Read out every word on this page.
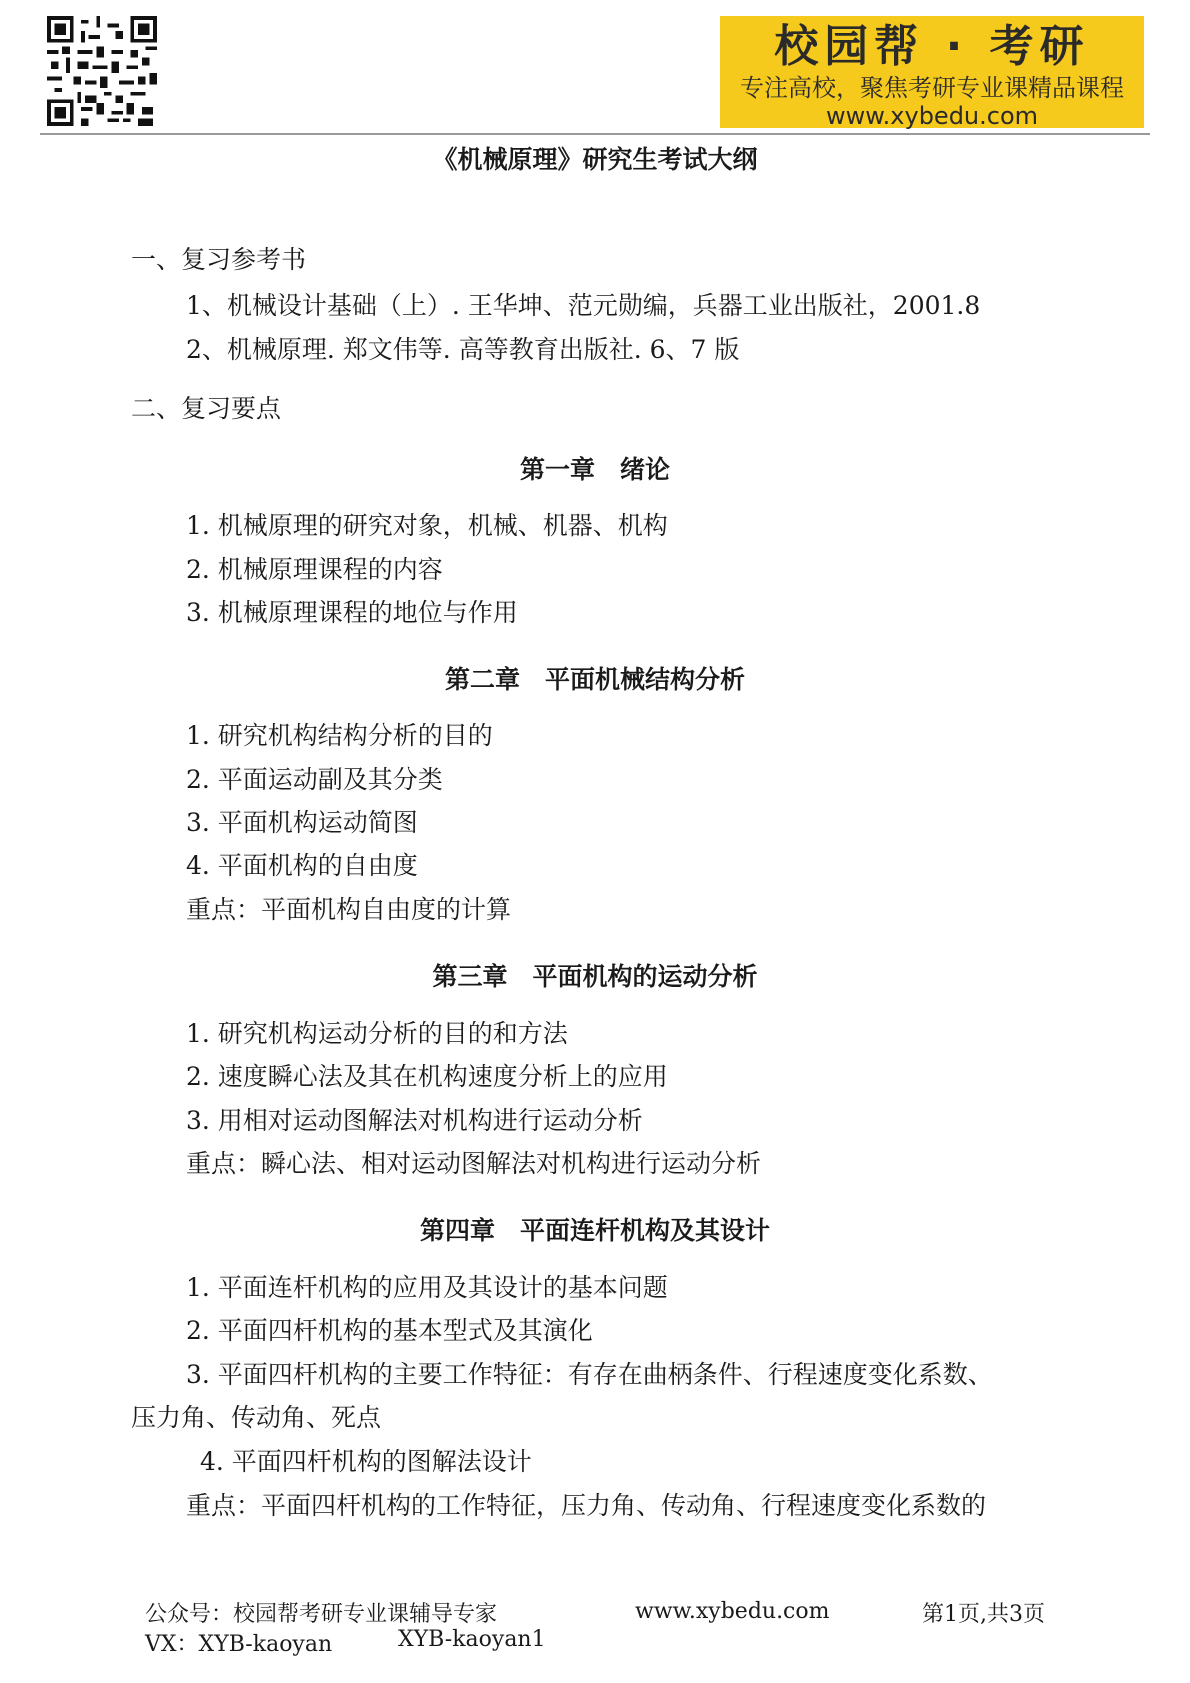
校园帮 · 考研
专注高校，聚焦考研专业课精品课程
www.xybedu.com
《机械原理》研究生考试大纲
一、复习参考书
1、机械设计基础（上）. 王华坤、范元勋编，兵器工业出版社，2001.8
2、机械原理. 郑文伟等. 高等教育出版社. 6、7 版
二、复习要点
第一章　绪论
1. 机械原理的研究对象，机械、机器、机构
2. 机械原理课程的内容
3. 机械原理课程的地位与作用
第二章　平面机械结构分析
1. 研究机构结构分析的目的
2. 平面运动副及其分类
3. 平面机构运动简图
4. 平面机构的自由度
重点：平面机构自由度的计算
第三章　平面机构的运动分析
1. 研究机构运动分析的目的和方法
2. 速度瞬心法及其在机构速度分析上的应用
3. 用相对运动图解法对机构进行运动分析
重点：瞬心法、相对运动图解法对机构进行运动分析
第四章　平面连杆机构及其设计
1. 平面连杆机构的应用及其设计的基本问题
2. 平面四杆机构的基本型式及其演化
3. 平面四杆机构的主要工作特征：有存在曲柄条件、行程速度变化系数、
压力角、传动角、死点
4. 平面四杆机构的图解法设计
重点：平面四杆机构的工作特征，压力角、传动角、行程速度变化系数的
公众号：校园帮考研专业课辅导专家	www.xybedu.com	第1页,共3页
VX：XYB-kaoyan	XYB-kaoyan1
